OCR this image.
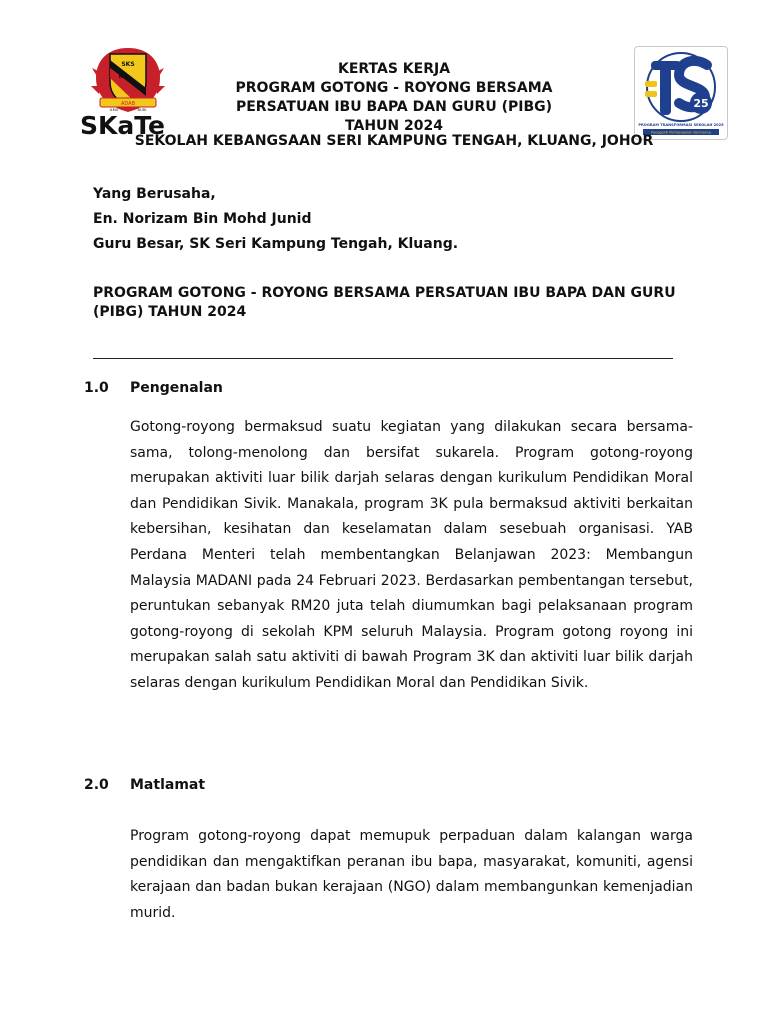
ADAB
SKS
K
ILMU	BUDI
SKaTe
25
PROGRAM TRANSFORMASI SEKOLAH 2025
Pengganti Pembelajaran Bermakna
KERTAS KERJA
PROGRAM GOTONG - ROYONG BERSAMA
PERSATUAN IBU BAPA DAN GURU (PIBG)
TAHUN 2024
SEKOLAH KEBANGSAAN SERI KAMPUNG TENGAH, KLUANG, JOHOR
Yang Berusaha,
En. Norizam Bin Mohd Junid
Guru Besar, SK Seri Kampung Tengah, Kluang.
PROGRAM GOTONG - ROYONG BERSAMA PERSATUAN IBU BAPA DAN GURU
(PIBG) TAHUN 2024
1.0 Pengenalan
Gotong-royong bermaksud suatu kegiatan yang dilakukan secara bersama-sama, tolong-menolong dan bersifat sukarela. Program gotong-royong merupakan aktiviti luar bilik darjah selaras dengan kurikulum Pendidikan Moral dan Pendidikan Sivik. Manakala, program 3K pula bermaksud aktiviti berkaitan kebersihan, kesihatan dan keselamatan dalam sesebuah organisasi. YAB Perdana Menteri telah membentangkan Belanjawan 2023: Membangun Malaysia MADANI pada 24 Februari 2023. Berdasarkan pembentangan tersebut, peruntukan sebanyak RM20 juta telah diumumkan bagi pelaksanaan program gotong-royong di sekolah KPM seluruh Malaysia. Program gotong royong ini merupakan salah satu aktiviti di bawah Program 3K dan aktiviti luar bilik darjah selaras dengan kurikulum Pendidikan Moral dan Pendidikan Sivik.
2.0 Matlamat
Program gotong-royong dapat memupuk perpaduan dalam kalangan warga pendidikan dan mengaktifkan peranan ibu bapa, masyarakat, komuniti, agensi kerajaan dan badan bukan kerajaan (NGO) dalam membangunkan kemenjadian murid.
